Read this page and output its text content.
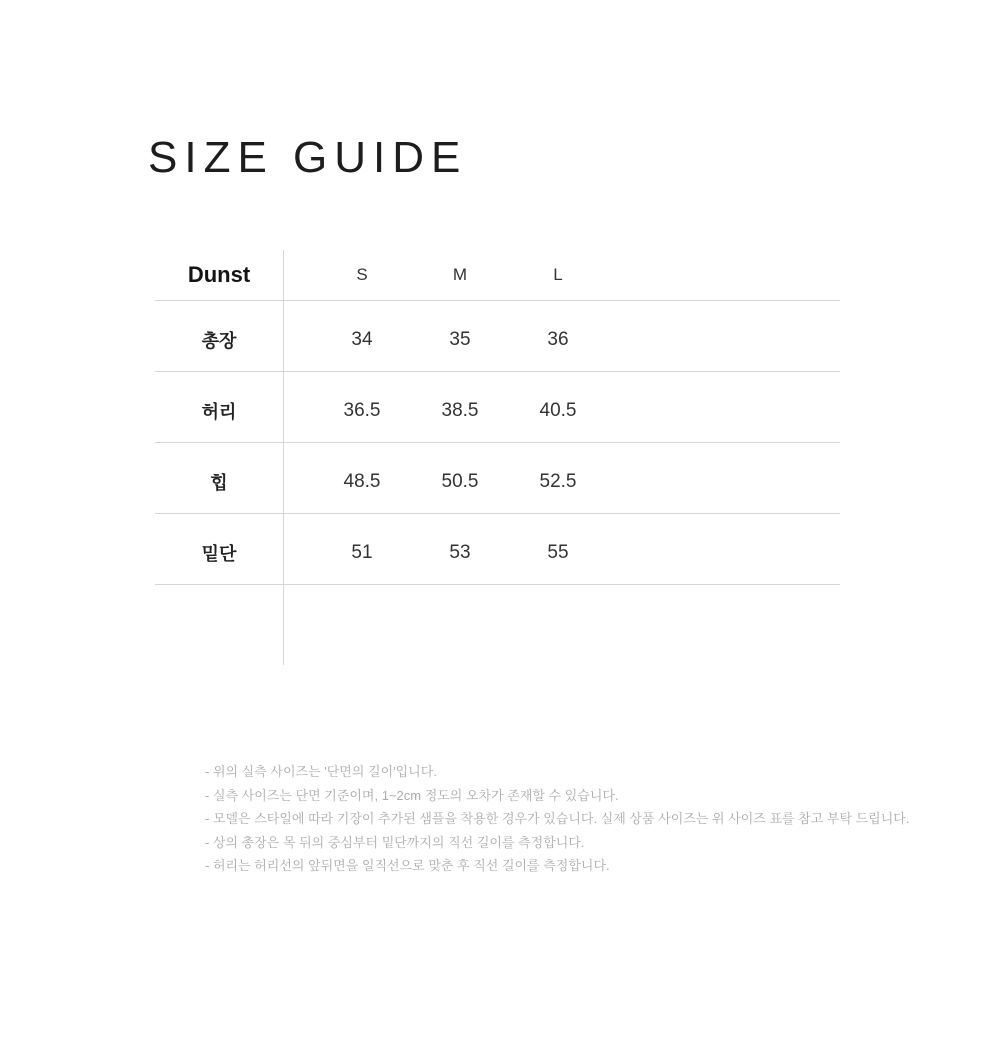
SIZE GUIDE
Dunst	S	M	L
총장	34	35	36
허리	36.5	38.5	40.5
힙	48.5	50.5	52.5
밑단	51	53	55

- 위의 실측 사이즈는 '단면의 길이'입니다.

- 실측 사이즈는 단면 기준이며, 1~2cm 정도의 오차가 존재할 수 있습니다.

- 모델은 스타일에 따라 기장이 추가된 샘플을 착용한 경우가 있습니다. 실제 상품 사이즈는 위 사이즈 표를 참고 부탁 드립니다.

- 상의 총장은 목 뒤의 중심부터 밑단까지의 직선 길이를 측정합니다.

- 허리는 허리선의 앞뒤면을 일직선으로 맞춘 후 직선 길이를 측정합니다.
